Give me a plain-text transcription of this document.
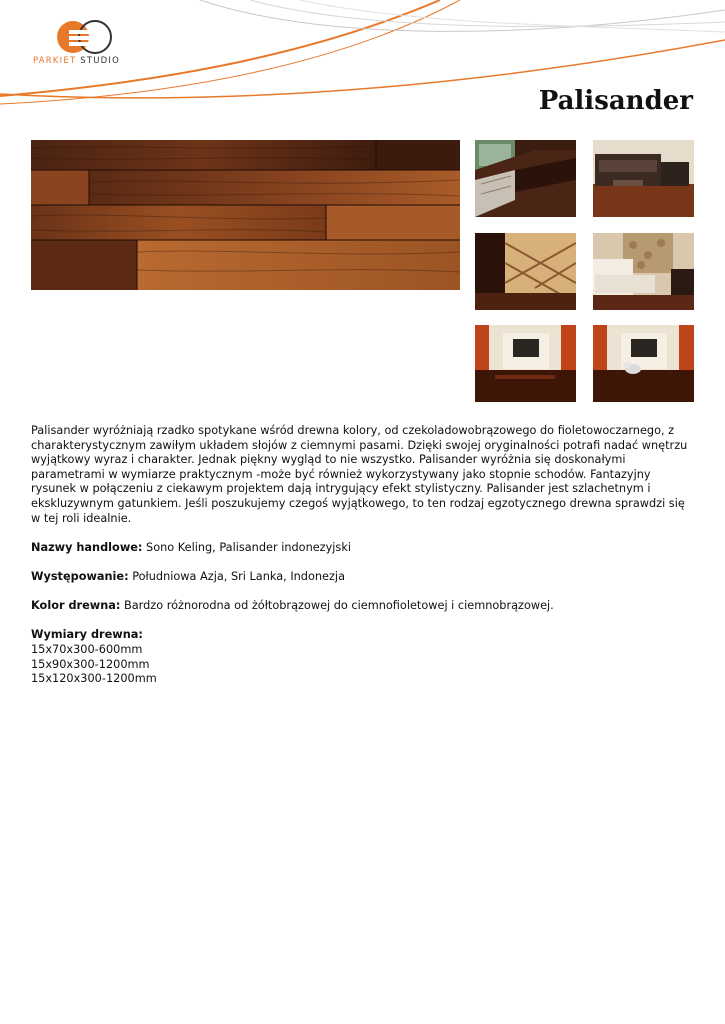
PARKIET STUDIO
Palisander

Palisander wyróżniają rzadko spotykane wśród drewna kolory, od czekoladowobrązowego do fioletowoczarnego, z charakterystycznym zawiłym układem słojów z ciemnymi pasami. Dzięki swojej oryginalności potrafi nadać wnętrzu wyjątkowy wyraz i charakter. Jednak piękny wygląd to nie wszystko. Palisander wyróżnia się doskonałymi parametrami w wymiarze praktycznym -może być również wykorzystywany jako stopnie schodów. Fantazyjny rysunek w połączeniu z ciekawym projektem dają intrygujący efekt stylistyczny. Palisander jest szlachetnym i ekskluzywnym gatunkiem. Jeśli poszukujemy czegoś wyjątkowego, to ten rodzaj egzotycznego drewna sprawdzi się w tej roli idealnie.

Nazwy handlowe: Sono Keling, Palisander indonezyjski

Występowanie: Południowa Azja, Sri Lanka, Indonezja

Kolor drewna: Bardzo różnorodna od żółtobrązowej do ciemnofioletowej i ciemnobrązowej.

Wymiary drewna:
15x70x300-600mm
15x90x300-1200mm
15x120x300-1200mm
